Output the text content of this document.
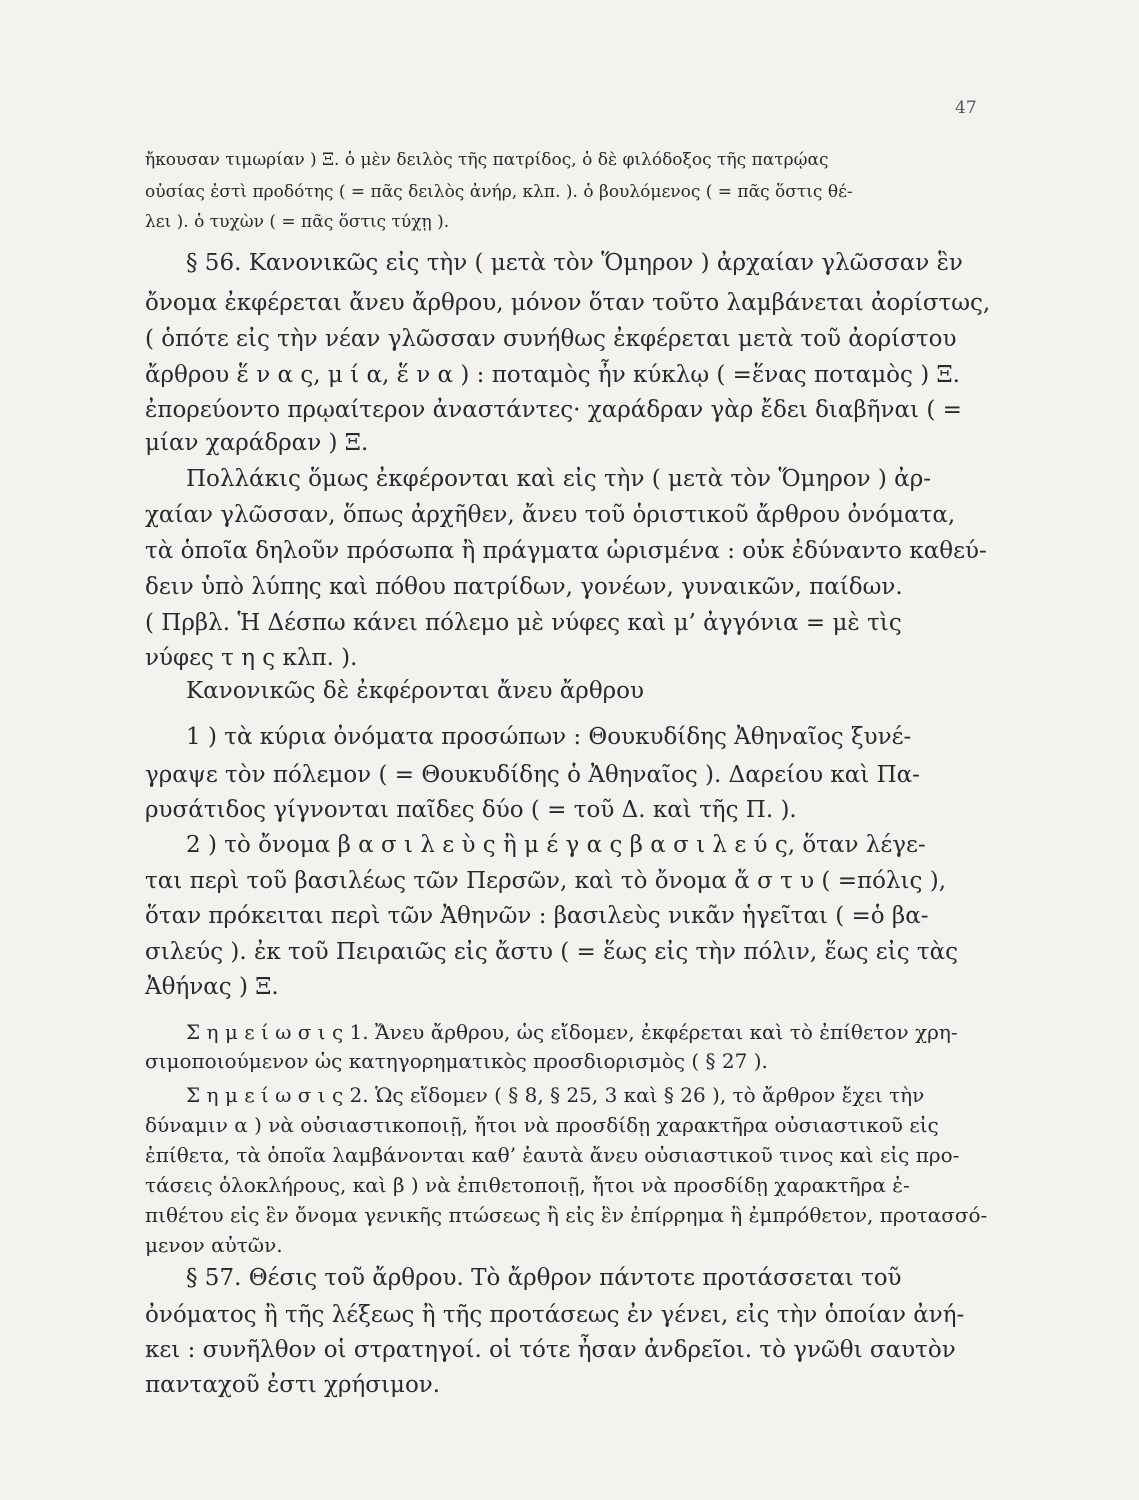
47
ἤκουσαν τιμωρίαν ) Ξ. ὁ μὲν δειλὸς τῆς πατρίδος, ὁ δὲ φιλόδοξος τῆς πατρῴας
οὐσίας ἐστὶ προδότης ( = πᾶς δειλὸς ἀνήρ, κλπ. ). ὁ βουλόμενος ( = πᾶς ὅστις θέ-
λει ). ὁ τυχὼν ( = πᾶς ὅστις τύχῃ ).
§ 56. Κανονικῶς εἰς τὴν ( μετὰ τὸν Ὅμηρον ) ἀρχαίαν γλῶσσαν ἓν
ὄνομα ἐκφέρεται ἄνευ ἄρθρου, μόνον ὅταν τοῦτο λαμβάνεται ἀορίστως,
( ὁπότε εἰς τὴν νέαν γλῶσσαν συνήθως ἐκφέρεται μετὰ τοῦ ἀορίστου
ἄρθρου ἕ ν α ς, μ ί α, ἕ ν α ) : ποταμὸς ἦν κύκλῳ ( =ἕνας ποταμὸς ) Ξ.
ἐπορεύοντο πρῳαίτερον ἀναστάντες· χαράδραν γὰρ ἔδει διαβῆναι ( =
μίαν χαράδραν ) Ξ.
Πολλάκις ὅμως ἐκφέρονται καὶ εἰς τὴν ( μετὰ τὸν Ὅμηρον ) ἀρ-
χαίαν γλῶσσαν, ὅπως ἀρχῆθεν, ἄνευ τοῦ ὁριστικοῦ ἄρθρου ὀνόματα,
τὰ ὁποῖα δηλοῦν πρόσωπα ἢ πράγματα ὡρισμένα : οὐκ ἐδύναντο καθεύ-
δειν ὑπὸ λύπης καὶ πόθου πατρίδων, γονέων, γυναικῶν, παίδων.
( Πρβλ. Ἡ Δέσπω κάνει πόλεμο μὲ νύφες καὶ μ’ ἀγγόνια = μὲ τὶς
νύφες τ η ς κλπ. ).
Κανονικῶς δὲ ἐκφέρονται ἄνευ ἄρθρου
1 ) τὰ κύρια ὀνόματα προσώπων : Θουκυδίδης Ἀθηναῖος ξυνέ-
γραψε τὸν πόλεμον ( = Θουκυδίδης ὁ Ἀθηναῖος ). Δαρείου καὶ Πα-
ρυσάτιδος γίγνονται παῖδες δύο ( = τοῦ Δ. καὶ τῆς Π. ).
2 ) τὸ ὄνομα β α σ ι λ ε ὺ ς ἢ μ έ γ α ς β α σ ι λ ε ύ ς, ὅταν λέγε-
ται περὶ τοῦ βασιλέως τῶν Περσῶν, καὶ τὸ ὄνομα ἄ σ τ υ ( =πόλις ),
ὅταν πρόκειται περὶ τῶν Ἀθηνῶν : βασιλεὺς νικᾶν ἡγεῖται ( =ὁ βα-
σιλεύς ). ἐκ τοῦ Πειραιῶς εἰς ἄστυ ( = ἕως εἰς τὴν πόλιν, ἕως εἰς τὰς
Ἀθήνας ) Ξ.
Σ η μ ε ί ω σ ι ς 1. Ἄνευ ἄρθρου, ὡς εἴδομεν, ἐκφέρεται καὶ τὸ ἐπίθετον χρη-
σιμοποιούμενον ὡς κατηγορηματικὸς προσδιορισμὸς ( § 27 ).
Σ η μ ε ί ω σ ι ς 2. Ὡς εἴδομεν ( § 8, § 25, 3 καὶ § 26 ), τὸ ἄρθρον ἔχει τὴν
δύναμιν α ) νὰ οὐσιαστικοποιῇ, ἤτοι νὰ προσδίδῃ χαρακτῆρα οὐσιαστικοῦ εἰς
ἐπίθετα, τὰ ὁποῖα λαμβάνονται καθ’ ἑαυτὰ ἄνευ οὐσιαστικοῦ τινος καὶ εἰς προ-
τάσεις ὁλοκλήρους, καὶ β ) νὰ ἐπιθετοποιῇ, ἤτοι νὰ προσδίδῃ χαρακτῆρα ἐ-
πιθέτου εἰς ἓν ὄνομα γενικῆς πτώσεως ἢ εἰς ἓν ἐπίρρημα ἢ ἐμπρόθετον, προτασσό-
μενον αὐτῶν.
§ 57. Θέσις τοῦ ἄρθρου. Τὸ ἄρθρον πάντοτε προτάσσεται τοῦ
ὀνόματος ἢ τῆς λέξεως ἢ τῆς προτάσεως ἐν γένει, εἰς τὴν ὁποίαν ἀνή-
κει : συνῆλθον οἱ στρατηγοί. οἱ τότε ἦσαν ἀνδρεῖοι. τὸ γνῶθι σαυτὸν
πανταχοῦ ἐστι χρήσιμον.
